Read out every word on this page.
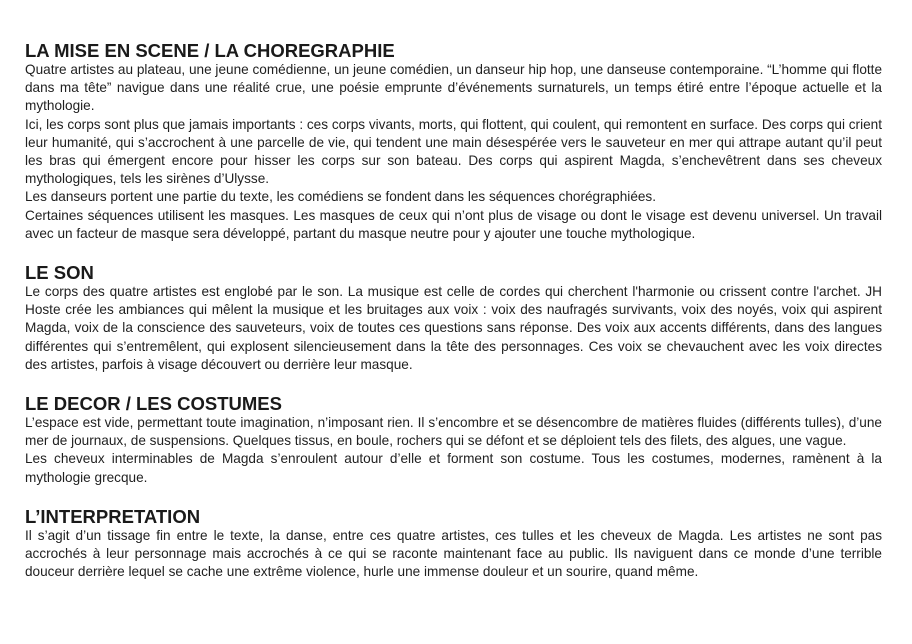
LA MISE EN SCENE / LA CHOREGRAPHIE

Quatre artistes au plateau, une jeune comédienne, un jeune comédien, un danseur hip hop, une danseuse contemporaine. “L’homme qui flotte dans ma tête” navigue dans une réalité crue, une poésie emprunte d’événements surnaturels, un temps étiré entre l’époque actuelle et la mythologie.

Ici, les corps sont plus que jamais importants : ces corps vivants, morts, qui flottent, qui coulent, qui remontent en surface. Des corps qui crient leur humanité, qui s’accrochent à une parcelle de vie, qui tendent une main désespérée vers le sauveteur en mer qui attrape autant qu’il peut les bras qui émergent encore pour hisser les corps sur son bateau. Des corps qui aspirent Magda, s’enchevêtrent dans ses cheveux mythologiques, tels les sirènes d’Ulysse.

Les danseurs portent une partie du texte, les comédiens se fondent dans les séquences chorégraphiées.

Certaines séquences utilisent les masques. Les masques de ceux qui n’ont plus de visage ou dont le visage est devenu universel. Un travail avec un facteur de masque sera développé, partant du masque neutre pour y ajouter une touche mythologique.

LE SON

Le corps des quatre artistes est englobé par le son. La musique est celle de cordes qui cherchent l'harmonie ou crissent contre l'archet. JH Hoste crée les ambiances qui mêlent la musique et les bruitages aux voix : voix des naufragés survivants, voix des noyés, voix qui aspirent Magda, voix de la conscience des sauveteurs, voix de toutes ces questions sans réponse. Des voix aux accents différents, dans des langues différentes qui s’entremêlent, qui explosent silencieusement dans la tête des personnages. Ces voix se chevauchent avec les voix directes des artistes, parfois à visage découvert ou derrière leur masque.

LE DECOR / LES COSTUMES

L’espace est vide, permettant toute imagination, n’imposant rien. Il s’encombre et se désencombre de matières fluides (différents tulles), d’une mer de journaux, de suspensions. Quelques tissus, en boule, rochers qui se défont et se déploient tels des filets, des algues, une vague.

Les cheveux interminables de Magda s’enroulent autour d’elle et forment son costume. Tous les costumes, modernes, ramènent à la mythologie grecque.

L’INTERPRETATION

Il s’agit d’un tissage fin entre le texte, la danse, entre ces quatre artistes, ces tulles et les cheveux de Magda. Les artistes ne sont pas accrochés à leur personnage mais accrochés à ce qui se raconte maintenant face au public. Ils naviguent dans ce monde d’une terrible douceur derrière lequel se cache une extrême violence, hurle une immense douleur et un sourire, quand même.
